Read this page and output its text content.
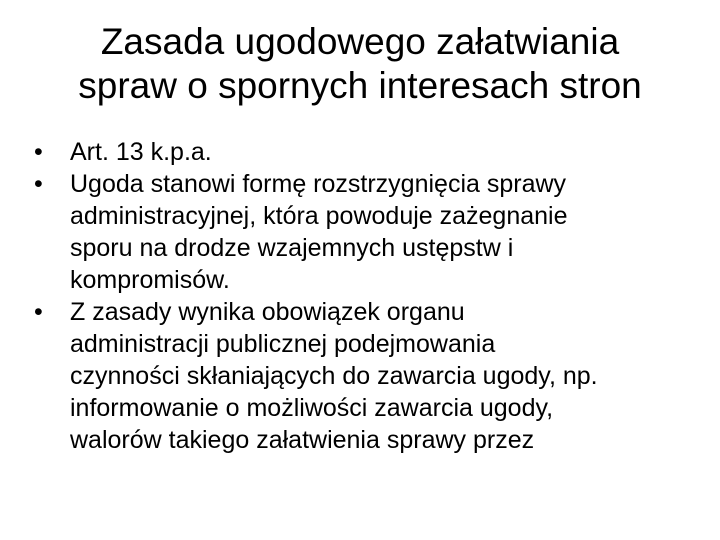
Zasada ugodowego załatwiania
spraw o spornych interesach stron
•	Art. 13 k.p.a.
•	Ugoda stanowi formę rozstrzygnięcia sprawy
administracyjnej, która powoduje zażegnanie
sporu na drodze wzajemnych ustępstw i
kompromisów.
•	Z zasady wynika obowiązek organu
administracji publicznej podejmowania
czynności skłaniających do zawarcia ugody, np.
informowanie o możliwości zawarcia ugody,
walorów takiego załatwienia sprawy przez
